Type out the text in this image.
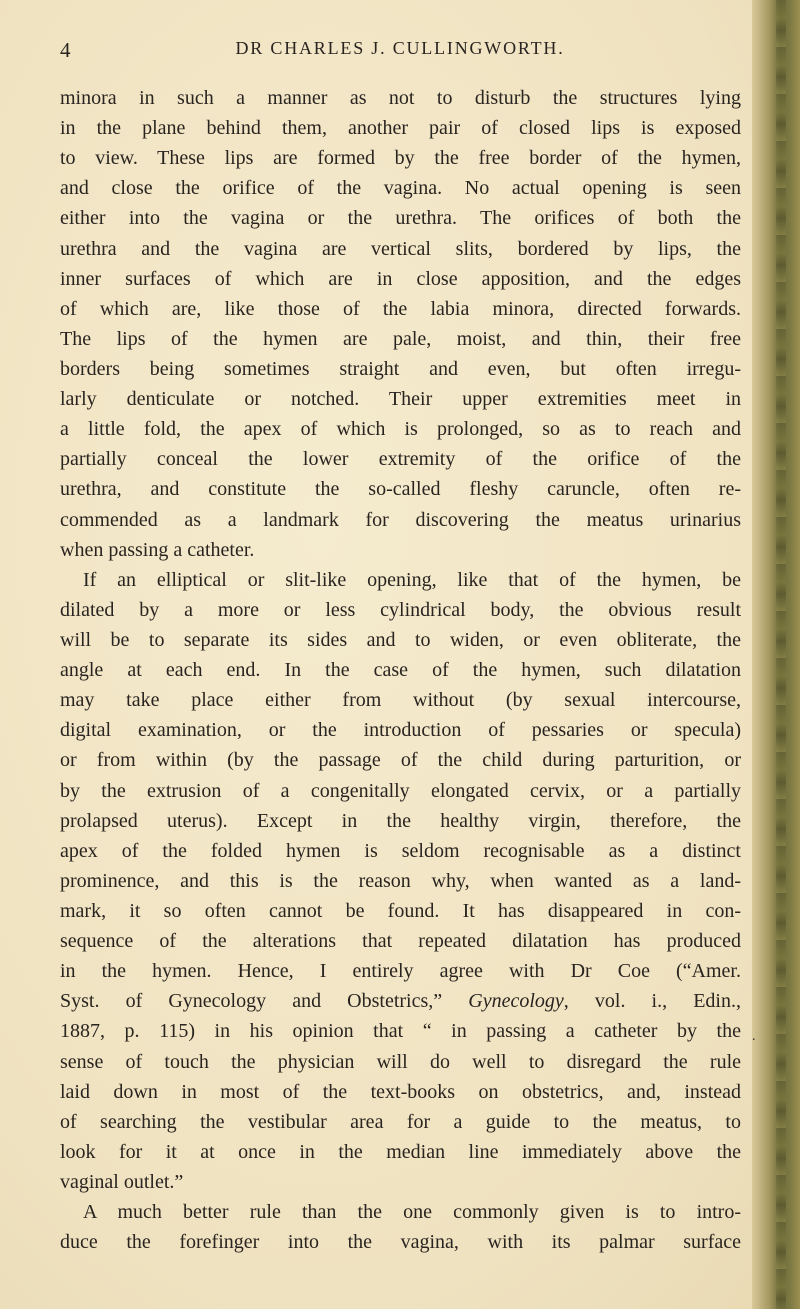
4	DR CHARLES J. CULLINGWORTH.
minora in such a manner as not to disturb the structures lying
in the plane behind them, another pair of closed lips is exposed
to view. These lips are formed by the free border of the hymen,
and close the orifice of the vagina. No actual opening is seen
either into the vagina or the urethra. The orifices of both the
urethra and the vagina are vertical slits, bordered by lips, the
inner surfaces of which are in close apposition, and the edges
of which are, like those of the labia minora, directed forwards.
The lips of the hymen are pale, moist, and thin, their free
borders being sometimes straight and even, but often irregu-
larly denticulate or notched. Their upper extremities meet in
a little fold, the apex of which is prolonged, so as to reach and
partially conceal the lower extremity of the orifice of the
urethra, and constitute the so-called fleshy caruncle, often re-
commended as a landmark for discovering the meatus urinarius
when passing a catheter.
If an elliptical or slit-like opening, like that of the hymen, be
dilated by a more or less cylindrical body, the obvious result
will be to separate its sides and to widen, or even obliterate, the
angle at each end. In the case of the hymen, such dilatation
may take place either from without (by sexual intercourse,
digital examination, or the introduction of pessaries or specula)
or from within (by the passage of the child during parturition, or
by the extrusion of a congenitally elongated cervix, or a partially
prolapsed uterus). Except in the healthy virgin, therefore, the
apex of the folded hymen is seldom recognisable as a distinct
prominence, and this is the reason why, when wanted as a land-
mark, it so often cannot be found. It has disappeared in con-
sequence of the alterations that repeated dilatation has produced
in the hymen. Hence, I entirely agree with Dr Coe (“Amer.
Syst. of Gynecology and Obstetrics,” Gynecology, vol. i., Edin.,
1887, p. 115) in his opinion that “ in passing a catheter by the
sense of touch the physician will do well to disregard the rule
laid down in most of the text-books on obstetrics, and, instead
of searching the vestibular area for a guide to the meatus, to
look for it at once in the median line immediately above the
vaginal outlet.”
A much better rule than the one commonly given is to intro-
duce the forefinger into the vagina, with its palmar surface
.
